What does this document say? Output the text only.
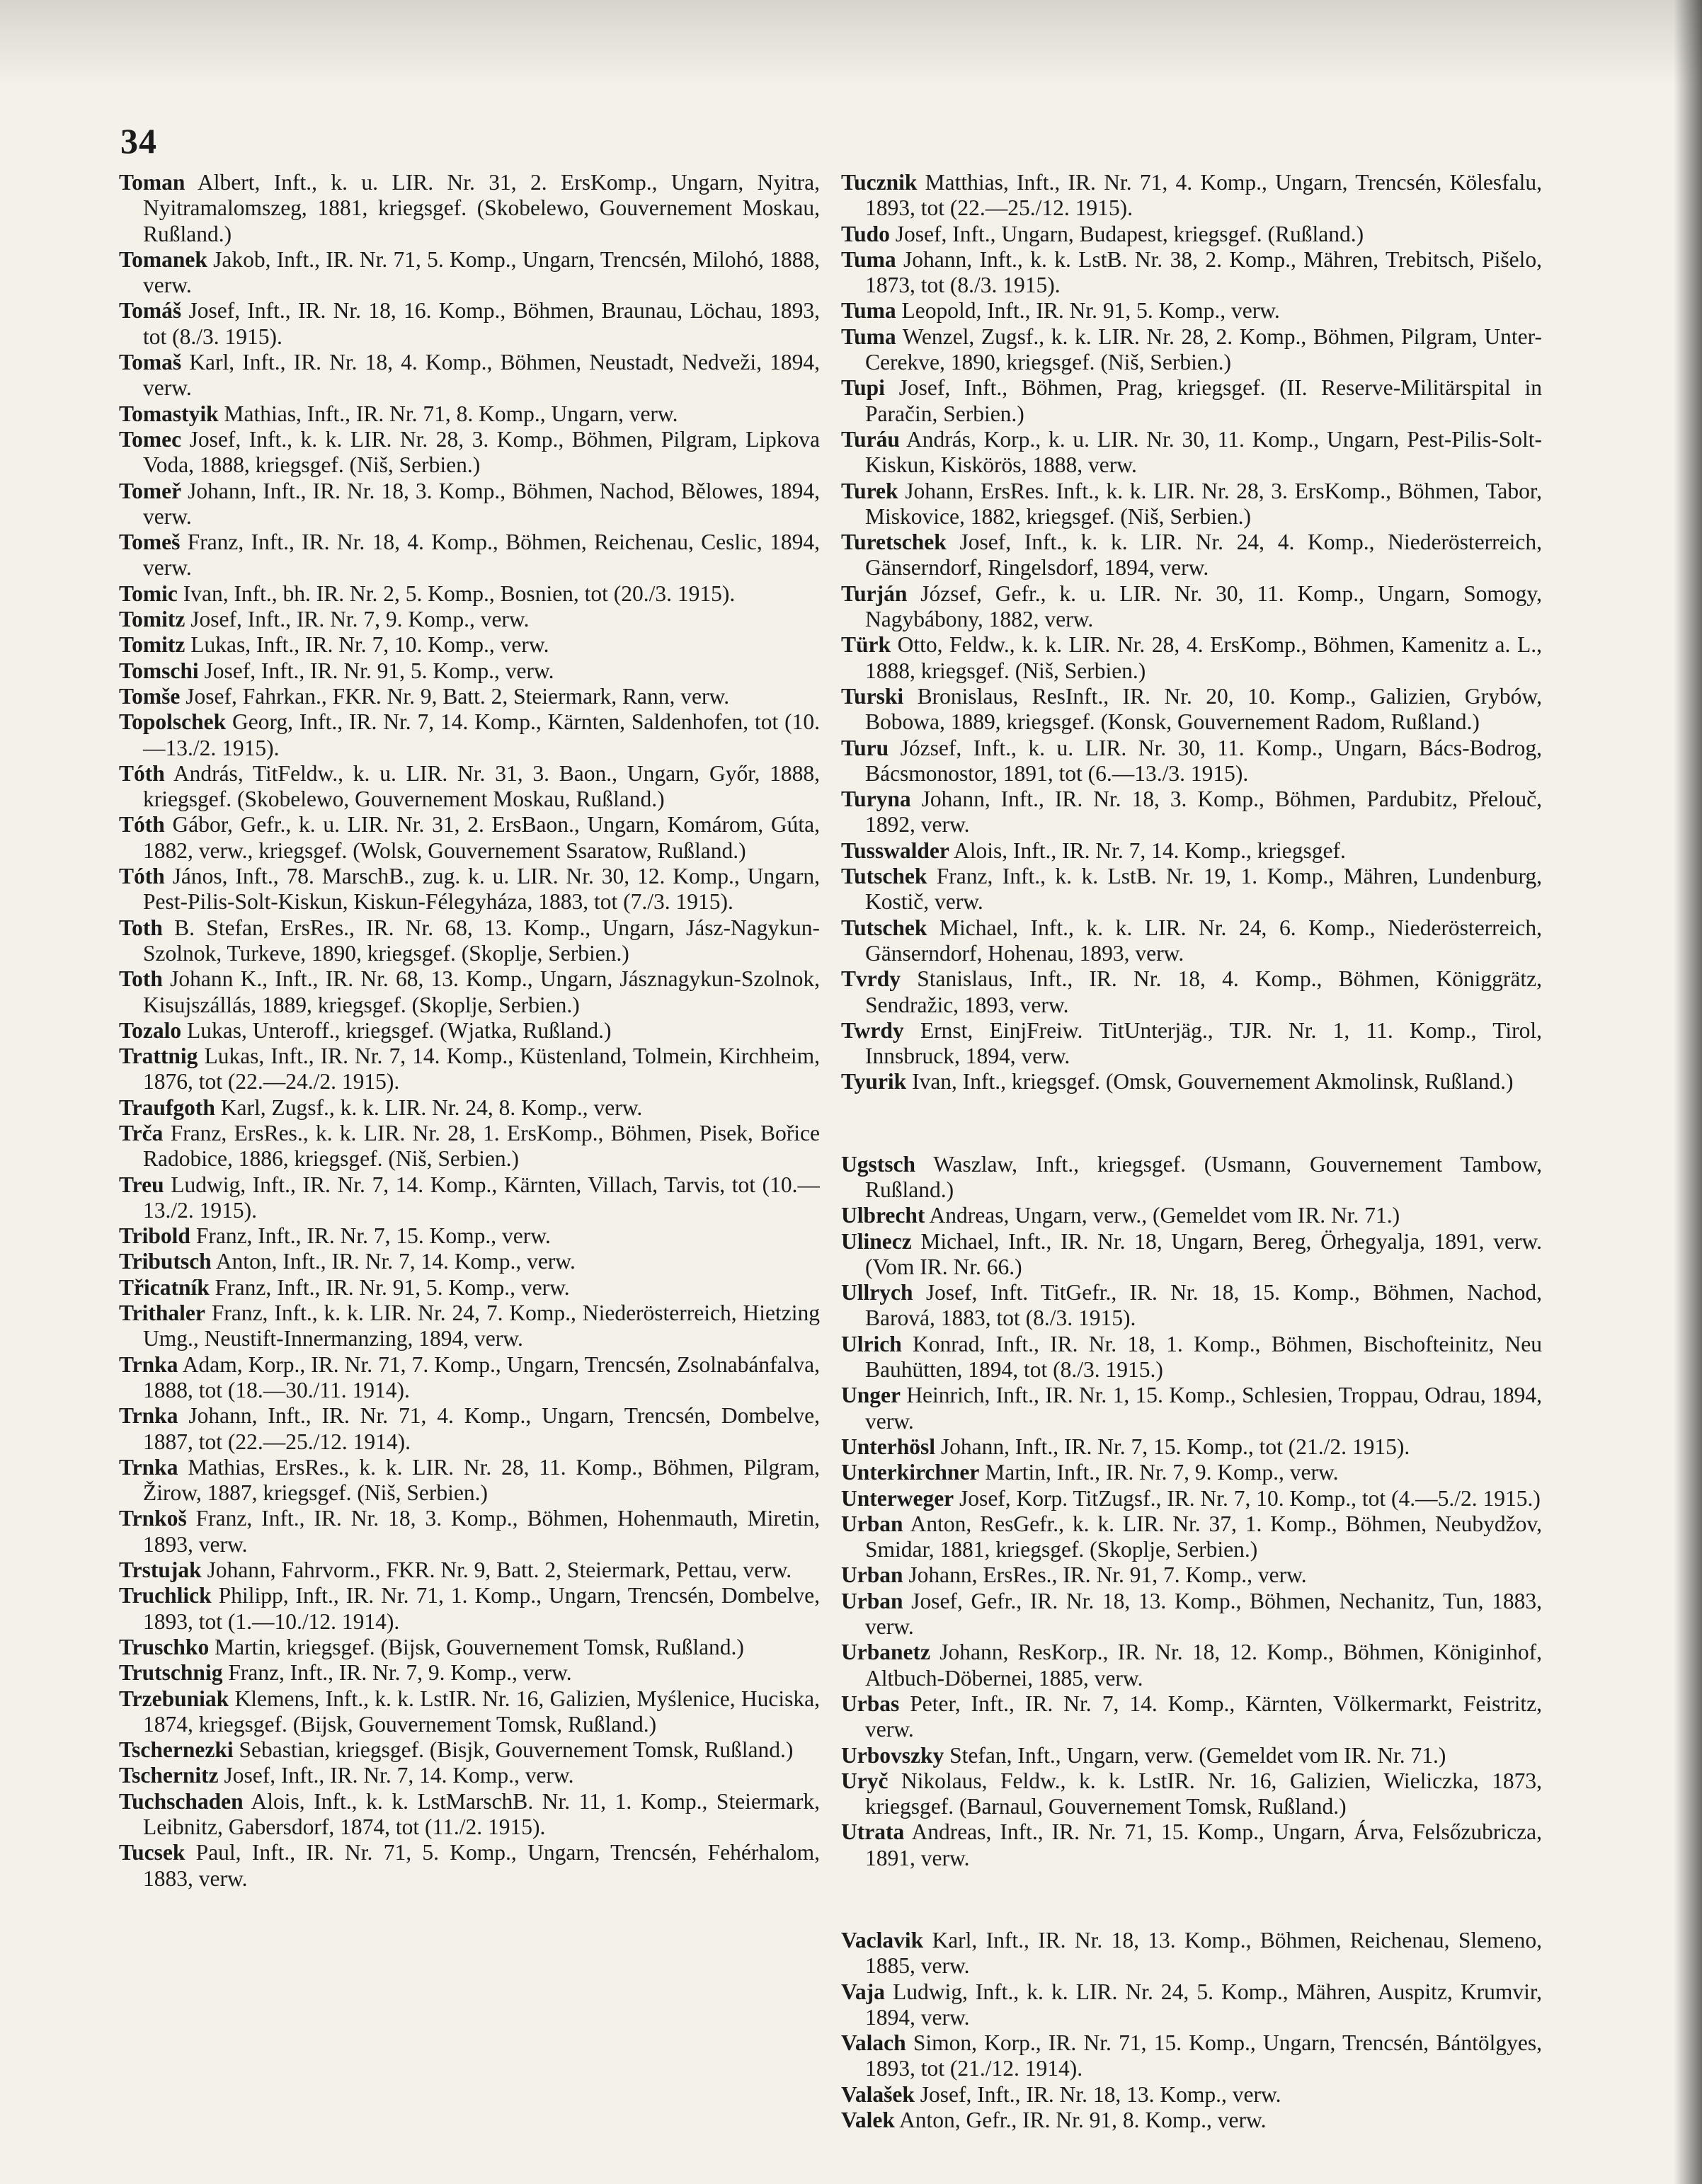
34
Toman Albert, Inft., k. u. LIR. Nr. 31, 2. ErsKomp., Ungarn, Nyitra, Nyitramalomszeg, 1881, kriegsgef. (Skobelewo, Gouvernement Moskau, Rußland.)
Tomanek Jakob, Inft., IR. Nr. 71, 5. Komp., Ungarn, Trencsén, Milohó, 1888, verw.
Tomáš Josef, Inft., IR. Nr. 18, 16. Komp., Böhmen, Braunau, Löchau, 1893, tot (8./3. 1915).
Tomaš Karl, Inft., IR. Nr. 18, 4. Komp., Böhmen, Neustadt, Nedveži, 1894, verw.
Tomastyik Mathias, Inft., IR. Nr. 71, 8. Komp., Ungarn, verw.
Tomec Josef, Inft., k. k. LIR. Nr. 28, 3. Komp., Böhmen, Pilgram, Lipkova Voda, 1888, kriegsgef. (Niš, Serbien.)
Tomeř Johann, Inft., IR. Nr. 18, 3. Komp., Böhmen, Nachod, Bělowes, 1894, verw.
Tomeš Franz, Inft., IR. Nr. 18, 4. Komp., Böhmen, Reichenau, Ceslic, 1894, verw.
Tomic Ivan, Inft., bh. IR. Nr. 2, 5. Komp., Bosnien, tot (20./3. 1915).
Tomitz Josef, Inft., IR. Nr. 7, 9. Komp., verw.
Tomitz Lukas, Inft., IR. Nr. 7, 10. Komp., verw.
Tomschi Josef, Inft., IR. Nr. 91, 5. Komp., verw.
Tomše Josef, Fahrkan., FKR. Nr. 9, Batt. 2, Steiermark, Rann, verw.
Topolschek Georg, Inft., IR. Nr. 7, 14. Komp., Kärnten, Saldenhofen, tot (10.—13./2. 1915).
Tóth András, TitFeldw., k. u. LIR. Nr. 31, 3. Baon., Ungarn, Győr, 1888, kriegsgef. (Skobelewo, Gouvernement Moskau, Rußland.)
Tóth Gábor, Gefr., k. u. LIR. Nr. 31, 2. ErsBaon., Ungarn, Komárom, Gúta, 1882, verw., kriegsgef. (Wolsk, Gouvernement Ssaratow, Rußland.)
Tóth János, Inft., 78. MarschB., zug. k. u. LIR. Nr. 30, 12. Komp., Ungarn, Pest-Pilis-Solt-Kiskun, Kiskun-Félegyháza, 1883, tot (7./3. 1915).
Toth B. Stefan, ErsRes., IR. Nr. 68, 13. Komp., Ungarn, Jász-Nagykun-Szolnok, Turkeve, 1890, kriegsgef. (Skoplje, Serbien.)
Toth Johann K., Inft., IR. Nr. 68, 13. Komp., Ungarn, Jásznagykun-Szolnok, Kisujszállás, 1889, kriegsgef. (Skoplje, Serbien.)
Tozalo Lukas, Unteroff., kriegsgef. (Wjatka, Rußland.)
Trattnig Lukas, Inft., IR. Nr. 7, 14. Komp., Küstenland, Tolmein, Kirchheim, 1876, tot (22.—24./2. 1915).
Traufgoth Karl, Zugsf., k. k. LIR. Nr. 24, 8. Komp., verw.
Trča Franz, ErsRes., k. k. LIR. Nr. 28, 1. ErsKomp., Böhmen, Pisek, Bořice Radobice, 1886, kriegsgef. (Niš, Serbien.)
Treu Ludwig, Inft., IR. Nr. 7, 14. Komp., Kärnten, Villach, Tarvis, tot (10.—13./2. 1915).
Tribold Franz, Inft., IR. Nr. 7, 15. Komp., verw.
Tributsch Anton, Inft., IR. Nr. 7, 14. Komp., verw.
Třicatník Franz, Inft., IR. Nr. 91, 5. Komp., verw.
Trithaler Franz, Inft., k. k. LIR. Nr. 24, 7. Komp., Niederösterreich, Hietzing Umg., Neustift-Innermanzing, 1894, verw.
Trnka Adam, Korp., IR. Nr. 71, 7. Komp., Ungarn, Trencsén, Zsolnabánfalva, 1888, tot (18.—30./11. 1914).
Trnka Johann, Inft., IR. Nr. 71, 4. Komp., Ungarn, Trencsén, Dombelve, 1887, tot (22.—25./12. 1914).
Trnka Mathias, ErsRes., k. k. LIR. Nr. 28, 11. Komp., Böhmen, Pilgram, Žirow, 1887, kriegsgef. (Niš, Serbien.)
Trnkoš Franz, Inft., IR. Nr. 18, 3. Komp., Böhmen, Hohenmauth, Miretin, 1893, verw.
Trstujak Johann, Fahrvorm., FKR. Nr. 9, Batt. 2, Steiermark, Pettau, verw.
Truchlick Philipp, Inft., IR. Nr. 71, 1. Komp., Ungarn, Trencsén, Dombelve, 1893, tot (1.—10./12. 1914).
Truschko Martin, kriegsgef. (Bijsk, Gouvernement Tomsk, Rußland.)
Trutschnig Franz, Inft., IR. Nr. 7, 9. Komp., verw.
Trzebuniak Klemens, Inft., k. k. LstIR. Nr. 16, Galizien, Myślenice, Huciska, 1874, kriegsgef. (Bijsk, Gouvernement Tomsk, Rußland.)
Tschernezki Sebastian, kriegsgef. (Bisjk, Gouvernement Tomsk, Rußland.)
Tschernitz Josef, Inft., IR. Nr. 7, 14. Komp., verw.
Tuchschaden Alois, Inft., k. k. LstMarschB. Nr. 11, 1. Komp., Steiermark, Leibnitz, Gabersdorf, 1874, tot (11./2. 1915).
Tucsek Paul, Inft., IR. Nr. 71, 5. Komp., Ungarn, Trencsén, Fehérhalom, 1883, verw.
Tucznik Matthias, Inft., IR. Nr. 71, 4. Komp., Ungarn, Trencsén, Kölesfalu, 1893, tot (22.—25./12. 1915).
Tudo Josef, Inft., Ungarn, Budapest, kriegsgef. (Rußland.)
Tuma Johann, Inft., k. k. LstB. Nr. 38, 2. Komp., Mähren, Trebitsch, Pišelo, 1873, tot (8./3. 1915).
Tuma Leopold, Inft., IR. Nr. 91, 5. Komp., verw.
Tuma Wenzel, Zugsf., k. k. LIR. Nr. 28, 2. Komp., Böhmen, Pilgram, Unter-Cerekve, 1890, kriegsgef. (Niš, Serbien.)
Tupi Josef, Inft., Böhmen, Prag, kriegsgef. (II. Reserve-Militärspital in Paračin, Serbien.)
Turáu András, Korp., k. u. LIR. Nr. 30, 11. Komp., Ungarn, Pest-Pilis-Solt-Kiskun, Kiskörös, 1888, verw.
Turek Johann, ErsRes. Inft., k. k. LIR. Nr. 28, 3. ErsKomp., Böhmen, Tabor, Miskovice, 1882, kriegsgef. (Niš, Serbien.)
Turetschek Josef, Inft., k. k. LIR. Nr. 24, 4. Komp., Niederösterreich, Gänserndorf, Ringelsdorf, 1894, verw.
Turján József, Gefr., k. u. LIR. Nr. 30, 11. Komp., Ungarn, Somogy, Nagybábony, 1882, verw.
Türk Otto, Feldw., k. k. LIR. Nr. 28, 4. ErsKomp., Böhmen, Kamenitz a. L., 1888, kriegsgef. (Niš, Serbien.)
Turski Bronislaus, ResInft., IR. Nr. 20, 10. Komp., Galizien, Grybów, Bobowa, 1889, kriegsgef. (Konsk, Gouvernement Radom, Rußland.)
Turu József, Inft., k. u. LIR. Nr. 30, 11. Komp., Ungarn, Bács-Bodrog, Bácsmonostor, 1891, tot (6.—13./3. 1915).
Turyna Johann, Inft., IR. Nr. 18, 3. Komp., Böhmen, Pardubitz, Přelouč, 1892, verw.
Tusswalder Alois, Inft., IR. Nr. 7, 14. Komp., kriegsgef.
Tutschek Franz, Inft., k. k. LstB. Nr. 19, 1. Komp., Mähren, Lundenburg, Kostič, verw.
Tutschek Michael, Inft., k. k. LIR. Nr. 24, 6. Komp., Niederösterreich, Gänserndorf, Hohenau, 1893, verw.
Tvrdy Stanislaus, Inft., IR. Nr. 18, 4. Komp., Böhmen, Königgrätz, Sendražic, 1893, verw.
Twrdy Ernst, EinjFreiw. TitUnterjäg., TJR. Nr. 1, 11. Komp., Tirol, Innsbruck, 1894, verw.
Tyurik Ivan, Inft., kriegsgef. (Omsk, Gouvernement Akmolinsk, Rußland.)
Ugstsch Waszlaw, Inft., kriegsgef. (Usmann, Gouvernement Tambow, Rußland.)
Ulbrecht Andreas, Ungarn, verw., (Gemeldet vom IR. Nr. 71.)
Ulinecz Michael, Inft., IR. Nr. 18, Ungarn, Bereg, Örhegyalja, 1891, verw. (Vom IR. Nr. 66.)
Ullrych Josef, Inft. TitGefr., IR. Nr. 18, 15. Komp., Böhmen, Nachod, Barová, 1883, tot (8./3. 1915).
Ulrich Konrad, Inft., IR. Nr. 18, 1. Komp., Böhmen, Bischofteinitz, Neu Bauhütten, 1894, tot (8./3. 1915.)
Unger Heinrich, Inft., IR. Nr. 1, 15. Komp., Schlesien, Troppau, Odrau, 1894, verw.
Unterhösl Johann, Inft., IR. Nr. 7, 15. Komp., tot (21./2. 1915).
Unterkirchner Martin, Inft., IR. Nr. 7, 9. Komp., verw.
Unterweger Josef, Korp. TitZugsf., IR. Nr. 7, 10. Komp., tot (4.—5./2. 1915.)
Urban Anton, ResGefr., k. k. LIR. Nr. 37, 1. Komp., Böhmen, Neubydžov, Smidar, 1881, kriegsgef. (Skoplje, Serbien.)
Urban Johann, ErsRes., IR. Nr. 91, 7. Komp., verw.
Urban Josef, Gefr., IR. Nr. 18, 13. Komp., Böhmen, Nechanitz, Tun, 1883, verw.
Urbanetz Johann, ResKorp., IR. Nr. 18, 12. Komp., Böhmen, Königinhof, Altbuch-Döbernei, 1885, verw.
Urbas Peter, Inft., IR. Nr. 7, 14. Komp., Kärnten, Völkermarkt, Feistritz, verw.
Urbovszky Stefan, Inft., Ungarn, verw. (Gemeldet vom IR. Nr. 71.)
Uryč Nikolaus, Feldw., k. k. LstIR. Nr. 16, Galizien, Wieliczka, 1873, kriegsgef. (Barnaul, Gouvernement Tomsk, Rußland.)
Utrata Andreas, Inft., IR. Nr. 71, 15. Komp., Ungarn, Árva, Felsőzubricza, 1891, verw.
Vaclavik Karl, Inft., IR. Nr. 18, 13. Komp., Böhmen, Reichenau, Slemeno, 1885, verw.
Vaja Ludwig, Inft., k. k. LIR. Nr. 24, 5. Komp., Mähren, Auspitz, Krumvir, 1894, verw.
Valach Simon, Korp., IR. Nr. 71, 15. Komp., Ungarn, Trencsén, Bántölgyes, 1893, tot (21./12. 1914).
Valašek Josef, Inft., IR. Nr. 18, 13. Komp., verw.
Valek Anton, Gefr., IR. Nr. 91, 8. Komp., verw.
